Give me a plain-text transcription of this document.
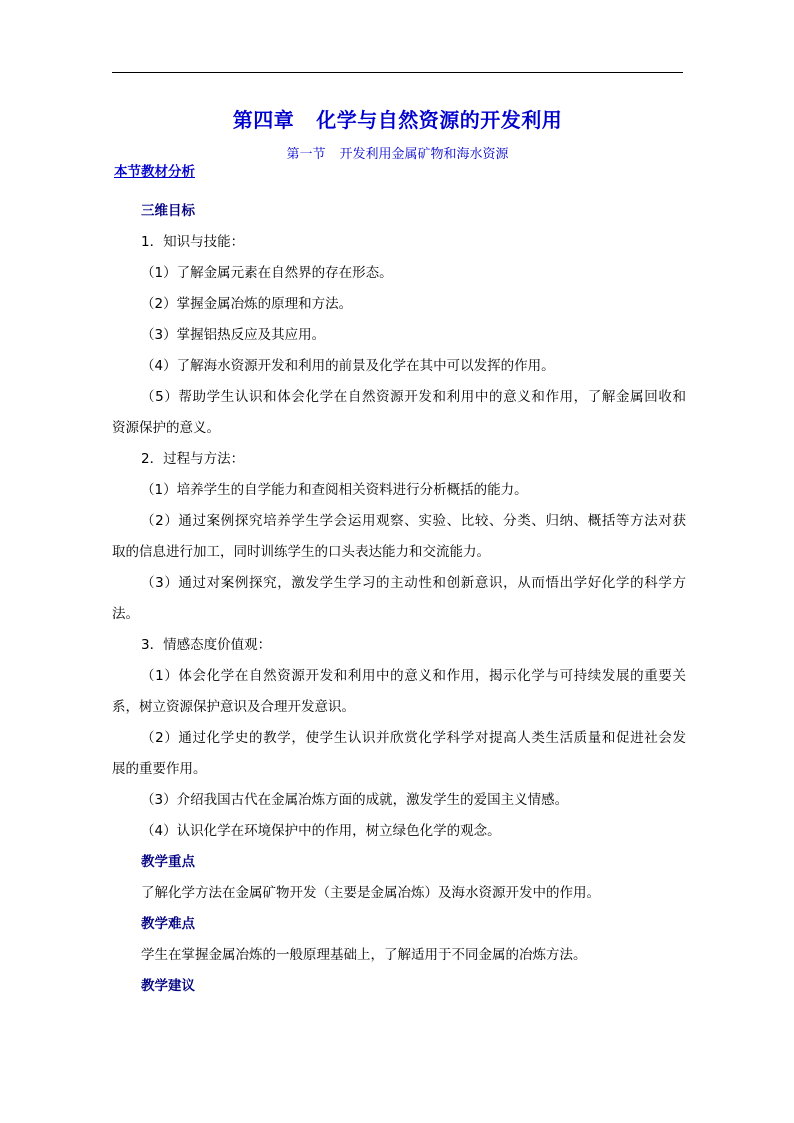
第四章 化学与自然资源的开发利用
第一节 开发利用金属矿物和海水资源
本节教材分析
三维目标
1．知识与技能：
（1）了解金属元素在自然界的存在形态。
（2）掌握金属冶炼的原理和方法。
（3）掌握铝热反应及其应用。
（4）了解海水资源开发和利用的前景及化学在其中可以发挥的作用。
（5）帮助学生认识和体会化学在自然资源开发和利用中的意义和作用，了解金属回收和
资源保护的意义。
2．过程与方法：
（1）培养学生的自学能力和查阅相关资料进行分析概括的能力。
（2）通过案例探究培养学生学会运用观察、实验、比较、分类、归纳、概括等方法对获
取的信息进行加工，同时训练学生的口头表达能力和交流能力。
（3）通过对案例探究，激发学生学习的主动性和创新意识，从而悟出学好化学的科学方
法。
3．情感态度价值观：
（1）体会化学在自然资源开发和利用中的意义和作用，揭示化学与可持续发展的重要关
系，树立资源保护意识及合理开发意识。
（2）通过化学史的教学，使学生认识并欣赏化学科学对提高人类生活质量和促进社会发
展的重要作用。
（3）介绍我国古代在金属冶炼方面的成就，激发学生的爱国主义情感。
（4）认识化学在环境保护中的作用，树立绿色化学的观念。
教学重点
了解化学方法在金属矿物开发（主要是金属冶炼）及海水资源开发中的作用。
教学难点
学生在掌握金属冶炼的一般原理基础上，了解适用于不同金属的冶炼方法。
教学建议
